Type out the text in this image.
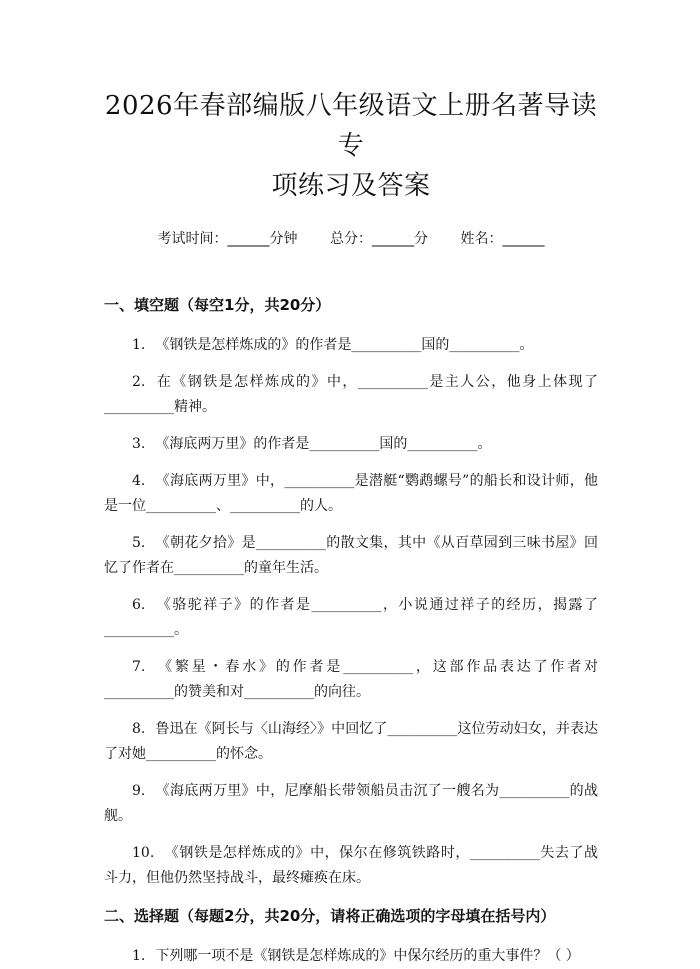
2026年春部编版八年级语文上册名著导读专
项练习及答案
考试时间：______分钟 总分：______分 姓名：______
一、填空题（每空1分，共20分）

1. 《钢铁是怎样炼成的》的作者是__________国的__________。

2. 在《钢铁是怎样炼成的》中，__________是主人公，他身上体现了__________精神。

3. 《海底两万里》的作者是__________国的__________。

4. 《海底两万里》中，__________是潜艇“鹦鹉螺号”的船长和设计师，他是一位__________、__________的人。

5. 《朝花夕拾》是__________的散文集，其中《从百草园到三味书屋》回忆了作者在__________的童年生活。

6. 《骆驼祥子》的作者是__________，小说通过祥子的经历，揭露了__________。

7. 《繁星・春水》的作者是__________，这部作品表达了作者对__________的赞美和对__________的向往。

8. 鲁迅在《阿长与〈山海经〉》中回忆了__________这位劳动妇女，并表达了对她__________的怀念。

9. 《海底两万里》中，尼摩船长带领船员击沉了一艘名为__________的战舰。

10. 《钢铁是怎样炼成的》中，保尔在修筑铁路时，__________失去了战斗力，但他仍然坚持战斗，最终瘫痪在床。

二、选择题（每题2分，共20分，请将正确选项的字母填在括号内）

1. 下列哪一项不是《钢铁是怎样炼成的》中保尔经历的重大事件？（ ）
